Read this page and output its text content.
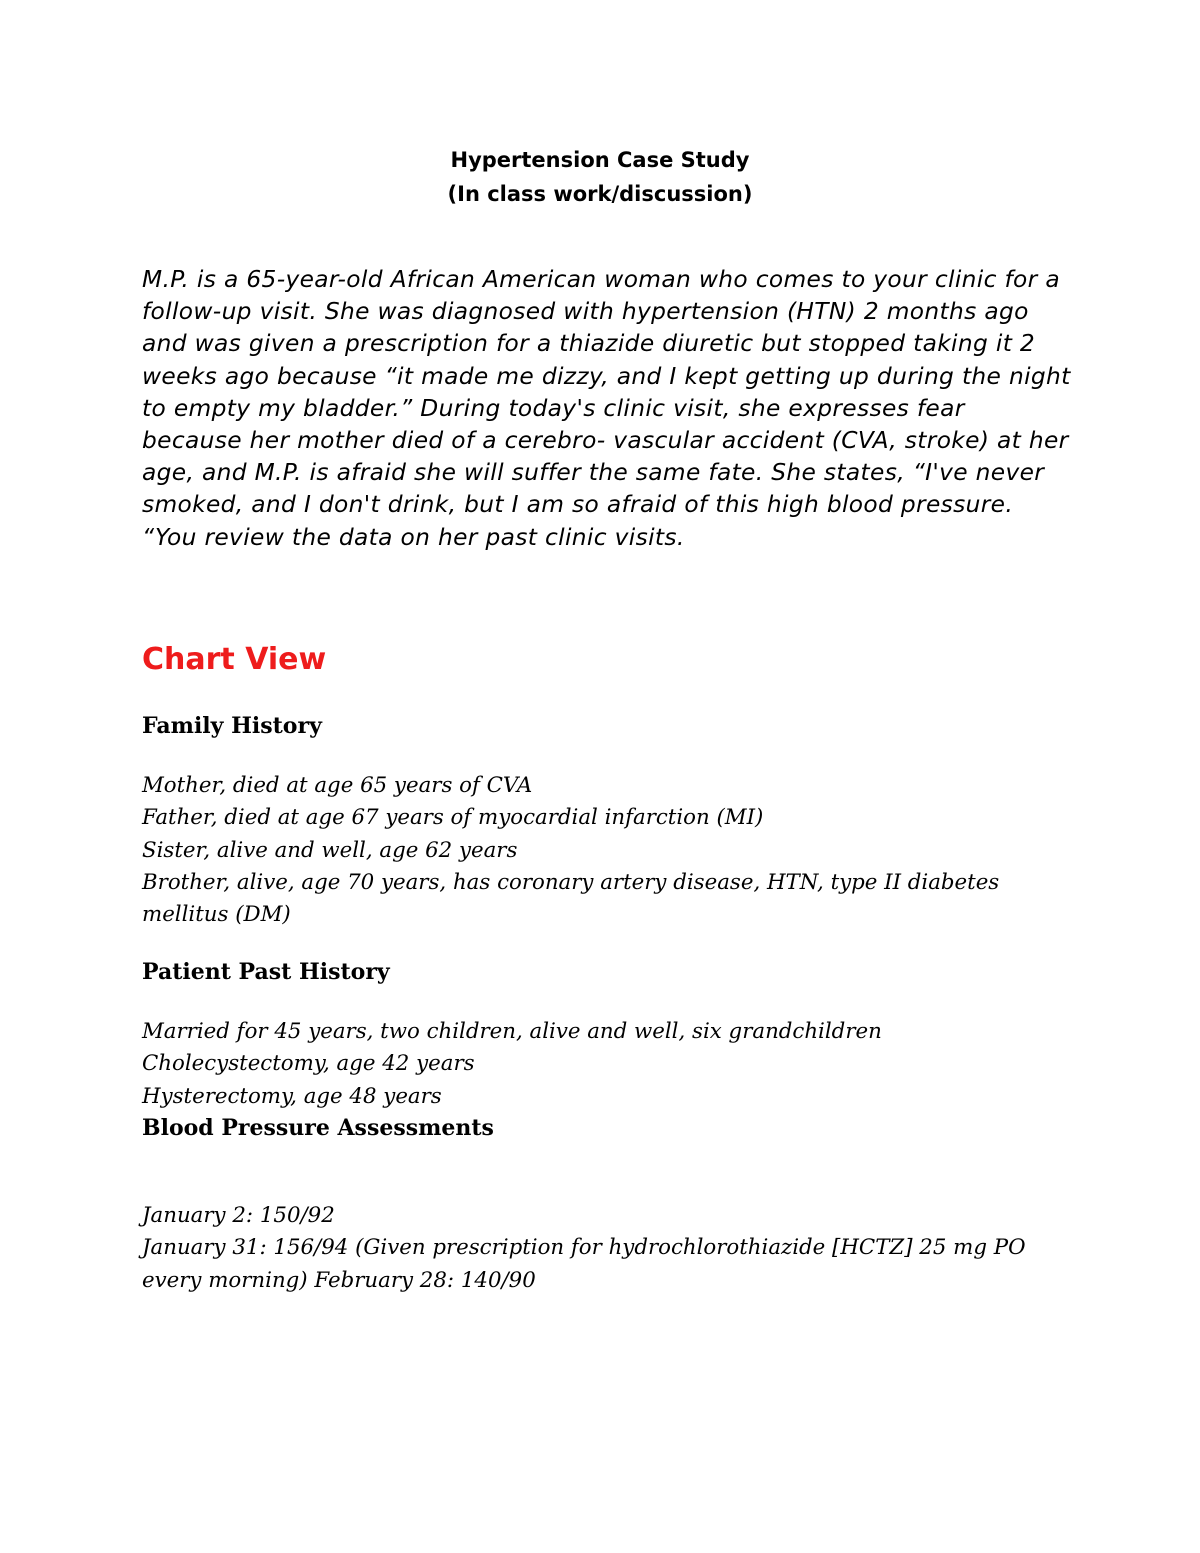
Hypertension Case Study
(In class work/discussion)

M.P. is a 65-year-old African American woman who comes to your clinic for a follow-up visit. She was diagnosed with hypertension (HTN) 2 months ago and was given a prescription for a thiazide diuretic but stopped taking it 2 weeks ago because “it made me dizzy, and I kept getting up during the night to empty my bladder.” During today's clinic visit, she expresses fear because her mother died of a cerebro- vascular accident (CVA, stroke) at her age, and M.P. is afraid she will suffer the same fate. She states, “I've never smoked, and I don't drink, but I am so afraid of this high blood pressure. “You review the data on her past clinic visits.

Chart View
Family History
Mother, died at age 65 years of CVA
Father, died at age 67 years of myocardial infarction (MI)
Sister, alive and well, age 62 years
Brother, alive, age 70 years, has coronary artery disease, HTN, type II diabetes mellitus (DM)
Patient Past History
Married for 45 years, two children, alive and well, six grandchildren
Cholecystectomy, age 42 years
Hysterectomy, age 48 years
Blood Pressure Assessments
January 2: 150/92
January 31: 156/94 (Given prescription for hydrochlorothiazide [HCTZ] 25 mg PO every morning) February 28: 140/90
